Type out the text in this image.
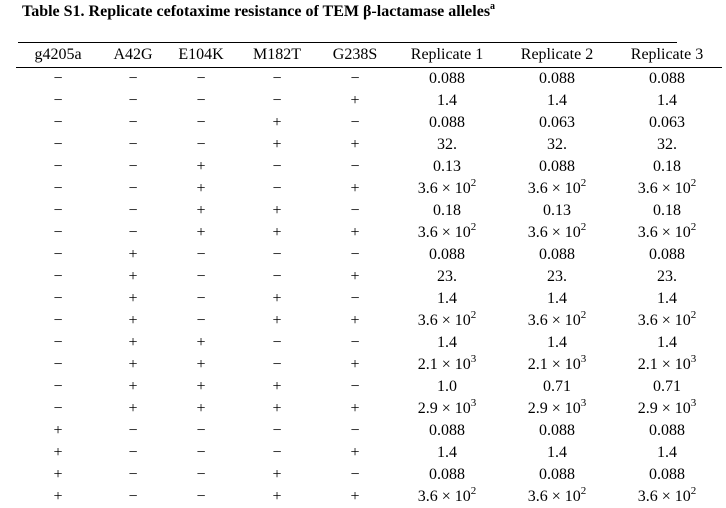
Table S1. Replicate cefotaxime resistance of TEM β-lactamase alleles$^a$
g4205a	A42G	E104K	M182T	G238S	Replicate 1	Replicate 2	Replicate 3
−	−	−	−	−	0.088	0.088	0.088
−	−	−	−	+	1.4	1.4	1.4
−	−	−	+	−	0.088	0.063	0.063
−	−	−	+	+	32.	32.	32.
−	−	+	−	−	0.13	0.088	0.18
−	−	+	−	+	$3.6 \times 10^2$	$3.6 \times 10^2$	$3.6 \times 10^2$
−	−	+	+	−	0.18	0.13	0.18
−	−	+	+	+	$3.6 \times 10^2$	$3.6 \times 10^2$	$3.6 \times 10^2$
−	+	−	−	−	0.088	0.088	0.088
−	+	−	−	+	23.	23.	23.
−	+	−	+	−	1.4	1.4	1.4
−	+	−	+	+	$3.6 \times 10^2$	$3.6 \times 10^2$	$3.6 \times 10^2$
−	+	+	−	−	1.4	1.4	1.4
−	+	+	−	+	$2.1 \times 10^3$	$2.1 \times 10^3$	$2.1 \times 10^3$
−	+	+	+	−	1.0	0.71	0.71
−	+	+	+	+	$2.9 \times 10^3$	$2.9 \times 10^3$	$2.9 \times 10^3$
+	−	−	−	−	0.088	0.088	0.088
+	−	−	−	+	1.4	1.4	1.4
+	−	−	+	−	0.088	0.088	0.088
+	−	−	+	+	$3.6 \times 10^2$	$3.6 \times 10^2$	$3.6 \times 10^2$
